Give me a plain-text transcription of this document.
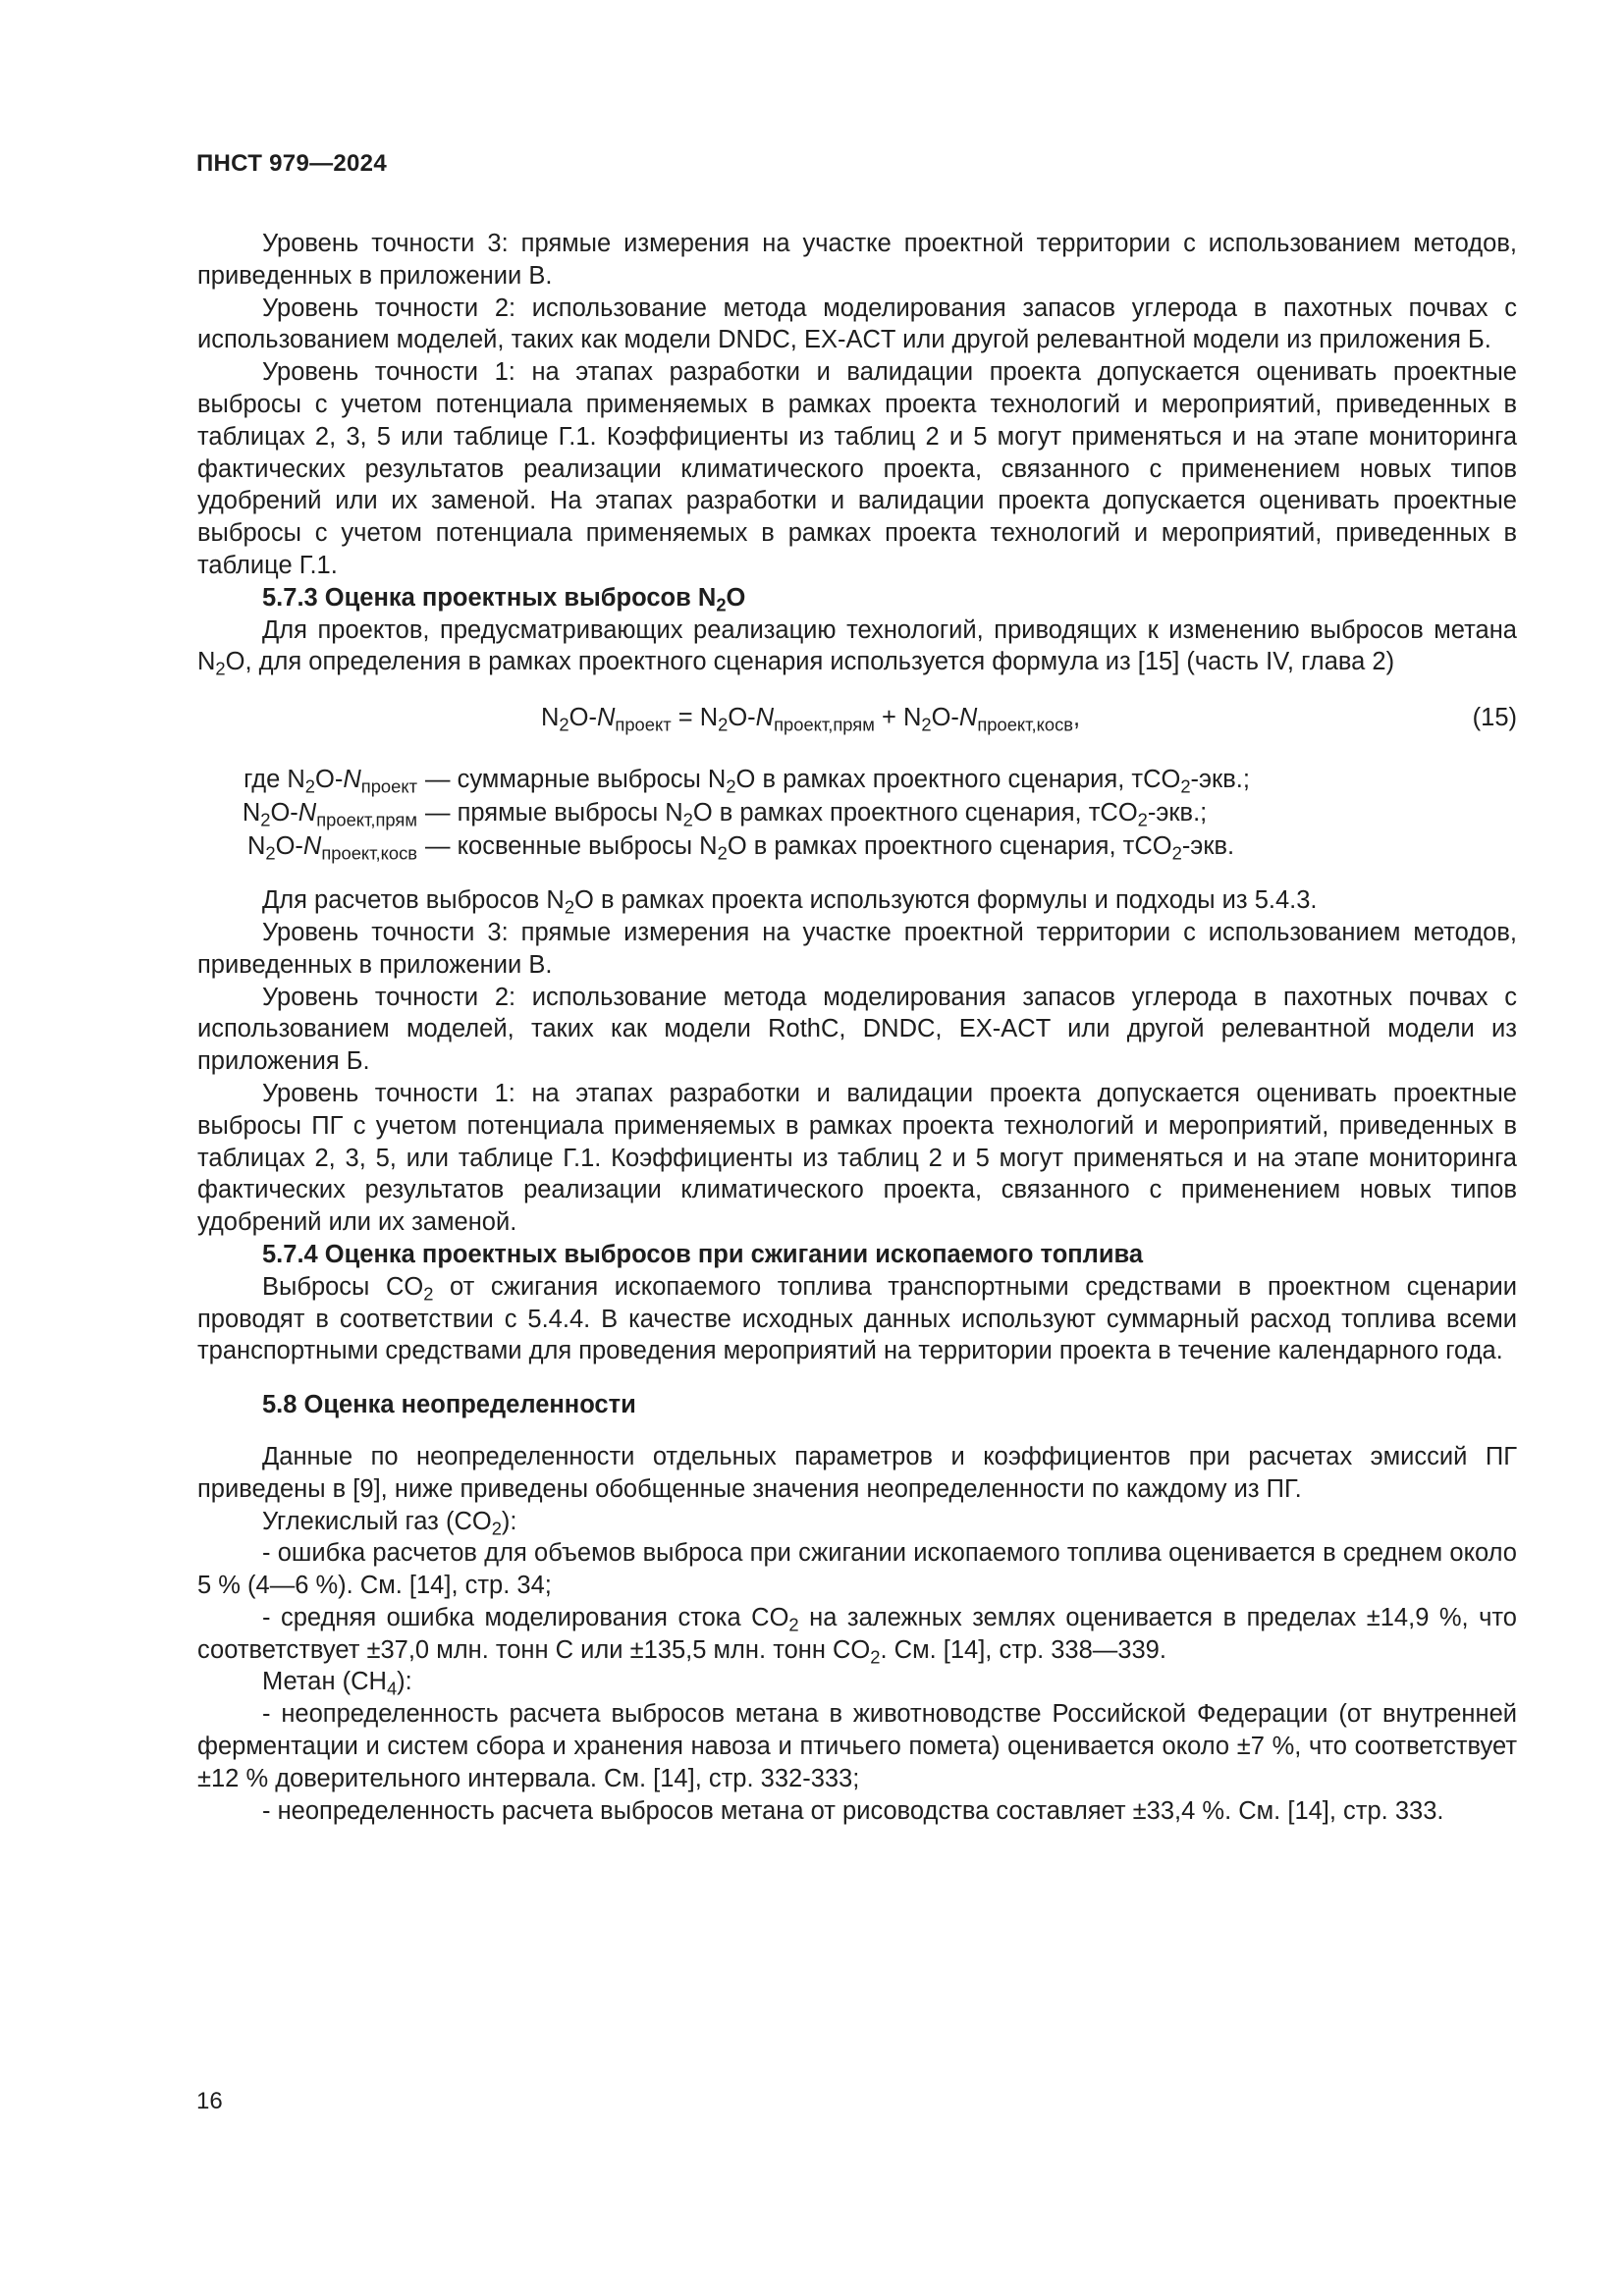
ПНСТ 979—2024

Уровень точности 3: прямые измерения на участке проектной территории с использованием методов, приведенных в приложении В.

Уровень точности 2: использование метода моделирования запасов углерода в пахотных почвах с использованием моделей, таких как модели DNDC, EX-ACT или другой релевантной модели из приложения Б.

Уровень точности 1: на этапах разработки и валидации проекта допускается оценивать проектные выбросы с учетом потенциала применяемых в рамках проекта технологий и мероприятий, приведенных в таблицах 2, 3, 5 или таблице Г.1. Коэффициенты из таблиц 2 и 5 могут применяться и на этапе мониторинга фактических результатов реализации климатического проекта, связанного с применением новых типов удобрений или их заменой. На этапах разработки и валидации проекта допускается оценивать проектные выбросы с учетом потенциала применяемых в рамках проекта технологий и мероприятий, приведенных в таблице Г.1.

5.7.3 Оценка проектных выбросов $N_2O$

Для проектов, предусматривающих реализацию технологий, приводящих к изменению выбросов метана $N_2O$, для определения в рамках проектного сценария используется формула из [15] (часть IV, глава 2)

$N_2O-N_{проект} = N_2O-N_{проект,прям} + N_2O-N_{проект,косв}$,	(15)
где $N_2O-N_{проект}$ — суммарные выбросы $N_2O$ в рамках проектного сценария, тCO$_2$-экв.;
$N_2O-N_{проект,прям}$ — прямые выбросы $N_2O$ в рамках проектного сценария, тCO$_2$-экв.;
$N_2O-N_{проект,косв}$ — косвенные выбросы $N_2O$ в рамках проектного сценария, тCO$_2$-экв.

Для расчетов выбросов $N_2O$ в рамках проекта используются формулы и подходы из 5.4.3.

Уровень точности 3: прямые измерения на участке проектной территории с использованием методов, приведенных в приложении В.

Уровень точности 2: использование метода моделирования запасов углерода в пахотных почвах с использованием моделей, таких как модели RothC, DNDC, EX-ACT или другой релевантной модели из приложения Б.

Уровень точности 1: на этапах разработки и валидации проекта допускается оценивать проектные выбросы ПГ с учетом потенциала применяемых в рамках проекта технологий и мероприятий, приведенных в таблицах 2, 3, 5, или таблице Г.1. Коэффициенты из таблиц 2 и 5 могут применяться и на этапе мониторинга фактических результатов реализации климатического проекта, связанного с применением новых типов удобрений или их заменой.

5.7.4 Оценка проектных выбросов при сжигании ископаемого топлива

Выбросы $CO_2$ от сжигания ископаемого топлива транспортными средствами в проектном сценарии проводят в соответствии с 5.4.4. В качестве исходных данных используют суммарный расход топлива всеми транспортными средствами для проведения мероприятий на территории проекта в течение календарного года.

5.8 Оценка неопределенности

Данные по неопределенности отдельных параметров и коэффициентов при расчетах эмиссий ПГ приведены в [9], ниже приведены обобщенные значения неопределенности по каждому из ПГ.

Углекислый газ $(CO_2)$:

- ошибка расчетов для объемов выброса при сжигании ископаемого топлива оценивается в среднем около 5 % (4—6 %). См. [14], стр. 34;

- средняя ошибка моделирования стока $CO_2$ на залежных землях оценивается в пределах ±14,9 %, что соответствует ±37,0 млн. тонн С или ±135,5 млн. тонн $CO_2$. См. [14], стр. 338—339.

Метан $(CH_4)$:

- неопределенность расчета выбросов метана в животноводстве Российской Федерации (от внутренней ферментации и систем сбора и хранения навоза и птичьего помета) оценивается около ±7 %, что соответствует ±12 % доверительного интервала. См. [14], стр. 332-333;

- неопределенность расчета выбросов метана от рисоводства составляет ±33,4 %. См. [14], стр. 333.

16
